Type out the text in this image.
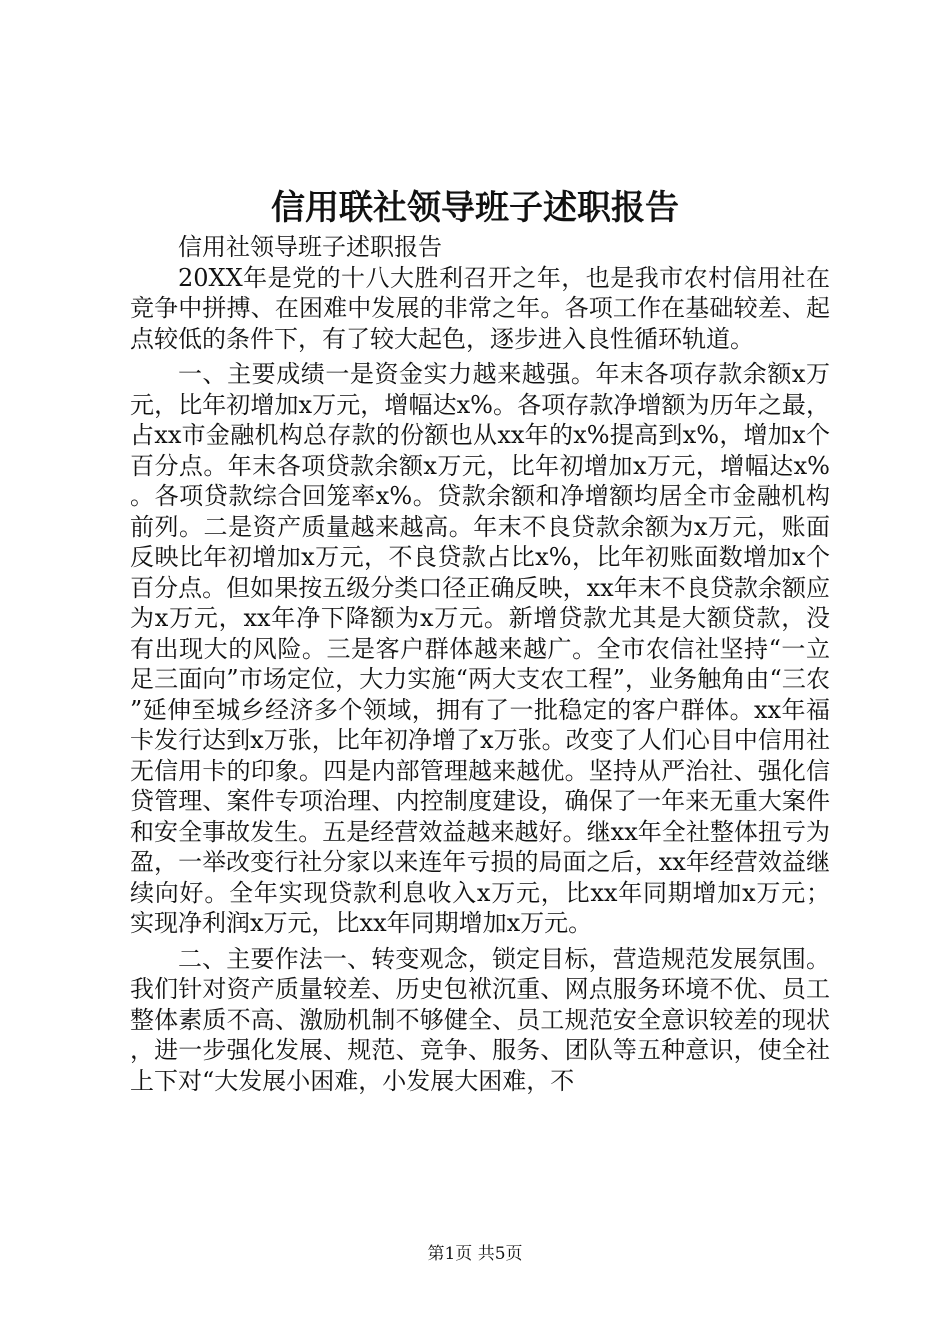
信用联社领导班子述职报告

信用社领导班子述职报告

20XX年是党的十八大胜利召开之年，也是我市农村信用社在竞争中拼搏、在困难中发展的非常之年。各项工作在基础较差、起点较低的条件下，有了较大起色，逐步进入良性循环轨道。

一、主要成绩一是资金实力越来越强。年末各项存款余额x万元，比年初增加x万元，增幅达x%。各项存款净增额为历年之最，占xx市金融机构总存款的份额也从xx年的x%提高到x%，增加x个百分点。年末各项贷款余额x万元，比年初增加x万元，增幅达x%。各项贷款综合回笼率x%。贷款余额和净增额均居全市金融机构前列。二是资产质量越来越高。年末不良贷款余额为x万元，账面反映比年初增加x万元，不良贷款占比x%，比年初账面数增加x个百分点。但如果按五级分类口径正确反映，xx年末不良贷款余额应为x万元，xx年净下降额为x万元。新增贷款尤其是大额贷款，没有出现大的风险。三是客户群体越来越广。全市农信社坚持“一立足三面向”市场定位，大力实施“两大支农工程”，业务触角由“三农”延伸至城乡经济多个领域，拥有了一批稳定的客户群体。xx年福卡发行达到x万张，比年初净增了x万张。改变了人们心目中信用社无信用卡的印象。四是内部管理越来越优。坚持从严治社、强化信贷管理、案件专项治理、内控制度建设，确保了一年来无重大案件和安全事故发生。五是经营效益越来越好。继xx年全社整体扭亏为盈，一举改变行社分家以来连年亏损的局面之后，xx年经营效益继续向好。全年实现贷款利息收入x万元，比xx年同期增加x万元；实现净利润x万元，比xx年同期增加x万元。

二、主要作法一、转变观念，锁定目标，营造规范发展氛围。我们针对资产质量较差、历史包袱沉重、网点服务环境不优、员工整体素质不高、激励机制不够健全、员工规范安全意识较差的现状，进一步强化发展、规范、竞争、服务、团队等五种意识，使全社上下对“大发展小困难，小发展大困难，不

第1页 共5页
